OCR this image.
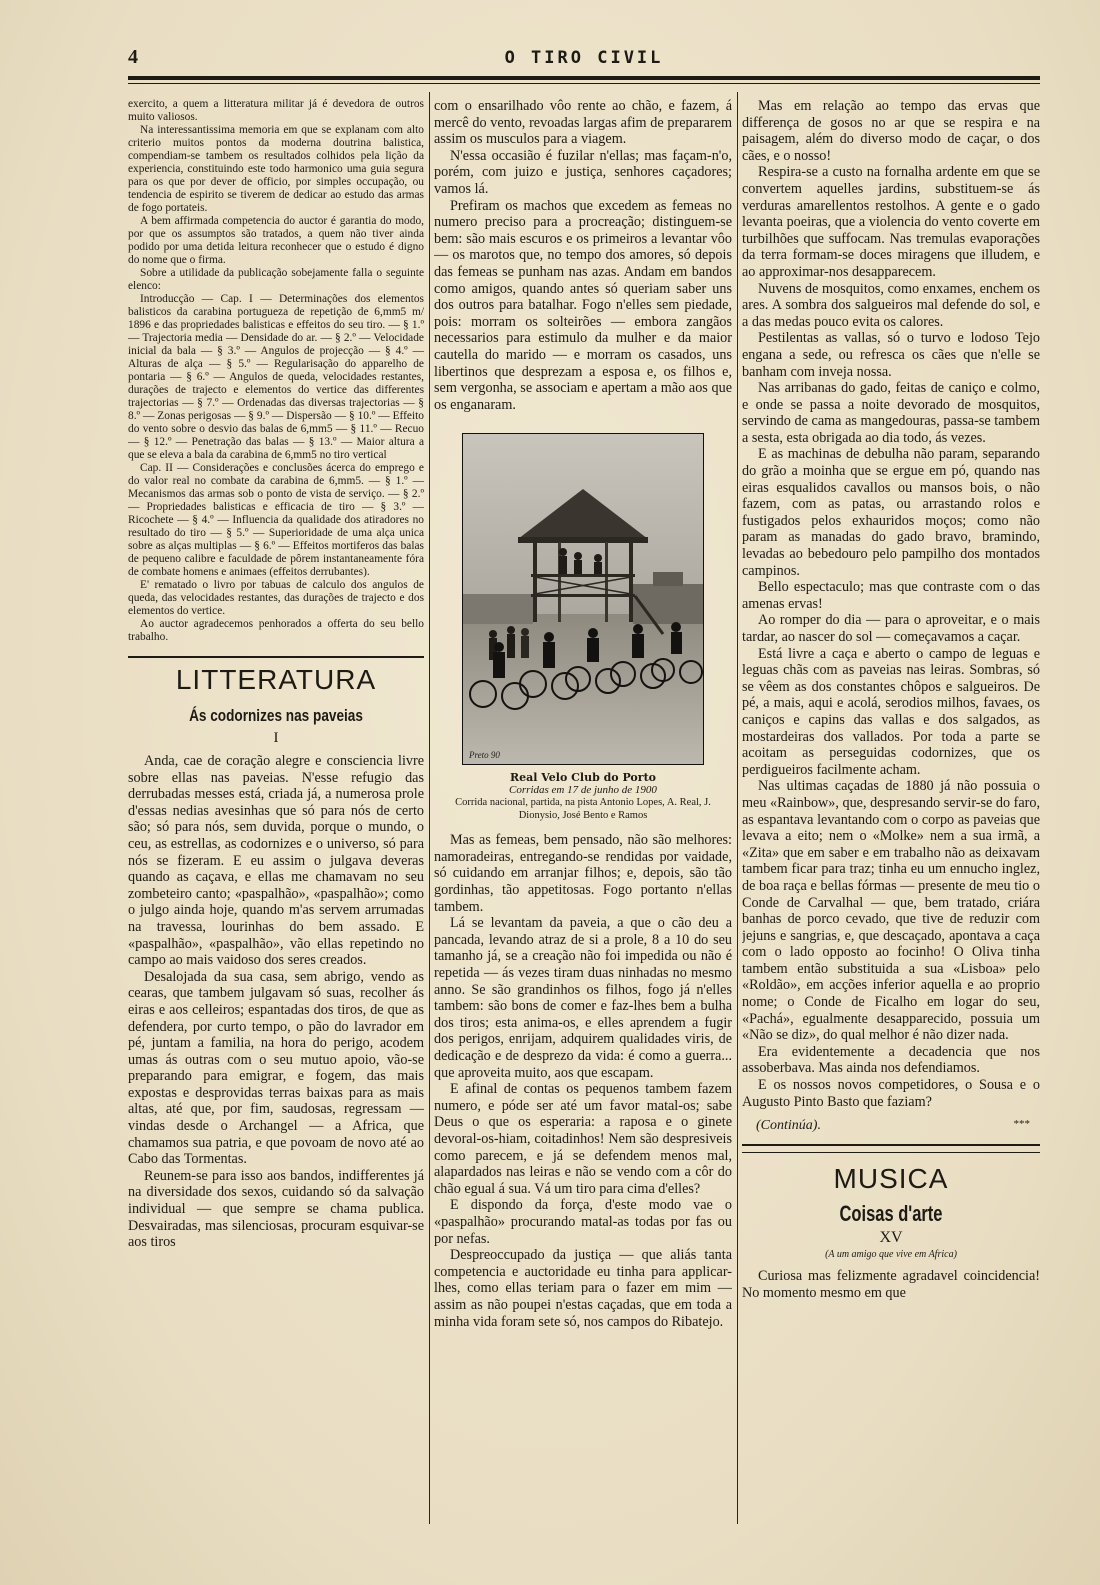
4	O TIRO CIVIL

exercito, a quem a litteratura militar já é devedora de outros muito valiosos.

Na interessantissima memoria em que se explanam com alto criterio muitos pontos da moderna doutrina balistica, compendiam-se tambem os resultados colhidos pela lição da experiencia, constituindo este todo harmonico uma guia segura para os que por dever de officio, por simples occupação, ou tendencia de espirito se tiverem de dedicar ao estudo das armas de fogo portateis.

A bem affirmada competencia do auctor é garantia do modo, por que os assumptos são tratados, a quem não tiver ainda podido por uma detida leitura reconhecer que o estudo é digno do nome que o firma.

Sobre a utilidade da publicação sobejamente falla o seguinte elenco:

Introducção — Cap. I — Determinações dos elementos balisticos da carabina portugueza de repetição de 6,mm5 m/ 1896 e das propriedades balisticas e effeitos do seu tiro. — § 1.º — Trajectoria media — Densidade do ar. — § 2.º — Velocidade inicial da bala — § 3.º — Angulos de projecção — § 4.º — Alturas de alça — § 5.º — Regularisação do apparelho de pontaria — § 6.º — Angulos de queda, velocidades restantes, durações de trajecto e elementos do vertice das differentes trajectorias — § 7.º — Ordenadas das diversas trajectorias — § 8.º — Zonas perigosas — § 9.º — Dispersão — § 10.º — Effeito do vento sobre o desvio das balas de 6,mm5 — § 11.º — Recuo — § 12.º — Penetração das balas — § 13.º — Maior altura a que se eleva a bala da carabina de 6,mm5 no tiro vertical

Cap. II — Considerações e conclusões ácerca do emprego e do valor real no combate da carabina de 6,mm5. — § 1.º — Mecanismos das armas sob o ponto de vista de serviço. — § 2.º — Propriedades balisticas e efficacia de tiro — § 3.º — Ricochete — § 4.º — Influencia da qualidade dos atiradores no resultado do tiro — § 5.º — Superioridade de uma alça unica sobre as alças multiplas — § 6.º — Effeitos mortiferos das balas de pequeno calibre e faculdade de pôrem instantaneamente fóra de combate homens e animaes (effeitos derrubantes).

E' rematado o livro por tabuas de calculo dos angulos de queda, das velocidades restantes, das durações de trajecto e dos elementos do vertice.

Ao auctor agradecemos penhorados a offerta do seu bello trabalho.

LITTERATURA
Ás codornizes nas paveias
I

Anda, cae de coração alegre e consciencia livre sobre ellas nas paveias. N'esse refugio das derrubadas messes está, criada já, a numerosa prole d'essas nedias avesinhas que só para nós de certo são; só para nós, sem duvida, porque o mundo, o ceu, as estrellas, as codornizes e o universo, só para nós se fizeram. E eu assim o julgava deveras quando as caçava, e ellas me chamavam no seu zombeteiro canto; «paspalhão», «paspalhão»; como o julgo ainda hoje, quando m'as servem arrumadas na travessa, lourinhas do bem assado. E «paspalhão», «paspalhão», vão ellas repetindo no campo ao mais vaidoso dos seres creados.

Desalojada da sua casa, sem abrigo, vendo as cearas, que tambem julgavam só suas, recolher ás eiras e aos celleiros; espantadas dos tiros, de que as defendera, por curto tempo, o pão do lavrador em pé, juntam a familia, na hora do perigo, acodem umas ás outras com o seu mutuo apoio, vão-se preparando para emigrar, e fogem, das mais expostas e desprovidas terras baixas para as mais altas, até que, por fim, saudosas, regressam — vindas desde o Archangel — a Africa, que chamamos sua patria, e que povoam de novo até ao Cabo das Tormentas.

Reunem-se para isso aos bandos, indifferentes já na diversidade dos sexos, cuidando só da salvação individual — que sempre se chama publica. Desvairadas, mas silenciosas, procuram esquivar-se aos tiros

com o ensarilhado vôo rente ao chão, e fazem, á mercê do vento, revoadas largas afim de prepararem assim os musculos para a viagem.

N'essa occasião é fuzilar n'ellas; mas façam-n'o, porém, com juizo e justiça, senhores caçadores; vamos lá.

Prefiram os machos que excedem as femeas no numero preciso para a procreação; distinguem-se bem: são mais escuros e os primeiros a levantar vôo — os marotos que, no tempo dos amores, só depois das femeas se punham nas azas. Andam em bandos como amigos, quando antes só queriam saber uns dos outros para batalhar. Fogo n'elles sem piedade, pois: morram os solteirões — embora zangãos necessarios para estimulo da mulher e da maior cautella do marido — e morram os casados, uns libertinos que desprezam a esposa e, os filhos e, sem vergonha, se associam e apertam a mão aos que os enganaram.

Preto 90
Real Velo Club do Porto
Corridas em 17 de junho de 1900
Corrida nacional, partida, na pista Antonio Lopes, A. Real, J. Dionysio, José Bento e Ramos

Mas as femeas, bem pensado, não são melhores: namoradeiras, entregando-se rendidas por vaidade, só cuidando em arranjar filhos; e, depois, são tão gordinhas, tão appetitosas. Fogo portanto n'ellas tambem.

Lá se levantam da paveia, a que o cão deu a pancada, levando atraz de si a prole, 8 a 10 do seu tamanho já, se a creação não foi impedida ou não é repetida — ás vezes tiram duas ninhadas no mesmo anno. Se são grandinhos os filhos, fogo já n'elles tambem: são bons de comer e faz-lhes bem a bulha dos tiros; esta anima-os, e elles aprendem a fugir dos perigos, enrijam, adquirem qualidades viris, de dedicação e de desprezo da vida: é como a guerra... que aproveita muito, aos que escapam.

E afinal de contas os pequenos tambem fazem numero, e póde ser até um favor matal-os; sabe Deus o que os esperaria: a raposa e o ginete devoral-os-hiam, coitadinhos! Nem são despresiveis como parecem, e já se defendem menos mal, alapardados nas leiras e não se vendo com a côr do chão egual á sua. Vá um tiro para cima d'elles?

E dispondo da força, d'este modo vae o «paspalhão» procurando matal-as todas por fas ou por nefas.

Despreoccupado da justiça — que aliás tanta competencia e auctoridade eu tinha para applicar-lhes, como ellas teriam para o fazer em mim — assim as não poupei n'estas caçadas, que em toda a minha vida foram sete só, nos campos do Ribatejo.

Mas em relação ao tempo das ervas que differença de gosos no ar que se respira e na paisagem, além do diverso modo de caçar, o dos cães, e o nosso!

Respira-se a custo na fornalha ardente em que se convertem aquelles jardins, substituem-se ás verduras amarellentos restolhos. A gente e o gado levanta poeiras, que a violencia do vento coverte em turbilhões que suffocam. Nas tremulas evaporações da terra formam-se doces miragens que illudem, e ao approximar-nos desapparecem.

Nuvens de mosquitos, como enxames, enchem os ares. A sombra dos salgueiros mal defende do sol, e a das medas pouco evita os calores.

Pestilentas as vallas, só o turvo e lodoso Tejo engana a sede, ou refresca os cães que n'elle se banham com inveja nossa.

Nas arribanas do gado, feitas de caniço e colmo, e onde se passa a noite devorado de mosquitos, servindo de cama as mangedouras, passa-se tambem a sesta, esta obrigada ao dia todo, ás vezes.

E as machinas de debulha não param, separando do grão a moinha que se ergue em pó, quando nas eiras esqualidos cavallos ou mansos bois, o não fazem, com as patas, ou arrastando rolos e fustigados pelos exhauridos moços; como não param as manadas do gado bravo, bramindo, levadas ao bebedouro pelo pampilho dos montados campinos.

Bello espectaculo; mas que contraste com o das amenas ervas!

Ao romper do dia — para o aproveitar, e o mais tardar, ao nascer do sol — começavamos a caçar.

Está livre a caça e aberto o campo de leguas e leguas chãs com as paveias nas leiras. Sombras, só se vêem as dos constantes chôpos e salgueiros. De pé, a mais, aqui e acolá, serodios milhos, favaes, os caniços e capins das vallas e dos salgados, as mostardeiras dos vallados. Por toda a parte se acoitam as perseguidas codornizes, que os perdigueiros facilmente acham.

Nas ultimas caçadas de 1880 já não possuia o meu «Rainbow», que, despresando servir-se do faro, as espantava levantando com o corpo as paveias que levava a eito; nem o «Molke» nem a sua irmã, a «Zita» que em saber e em trabalho não as deixavam tambem ficar para traz; tinha eu um ennucho inglez, de boa raça e bellas fórmas — presente de meu tio o Conde de Carvalhal — que, bem tratado, criára banhas de porco cevado, que tive de reduzir com jejuns e sangrias, e, que descaçado, apontava a caça com o lado opposto ao focinho! O Oliva tinha tambem então substituida a sua «Lisboa» pelo «Roldão», em acções inferior aquella e ao proprio nome; o Conde de Ficalho em logar do seu, «Pachá», egualmente desapparecido, possuia um «Não se diz», do qual melhor é não dizer nada.

Era evidentemente a decadencia que nos assoberbava. Mas ainda nos defendiamos.

E os nossos novos competidores, o Sousa e o Augusto Pinto Basto que faziam?

(Continúa).	***
MUSICA
Coisas d'arte
XV
(A um amigo que vive em Africa)

Curiosa mas felizmente agradavel coincidencia! No momento mesmo em que
